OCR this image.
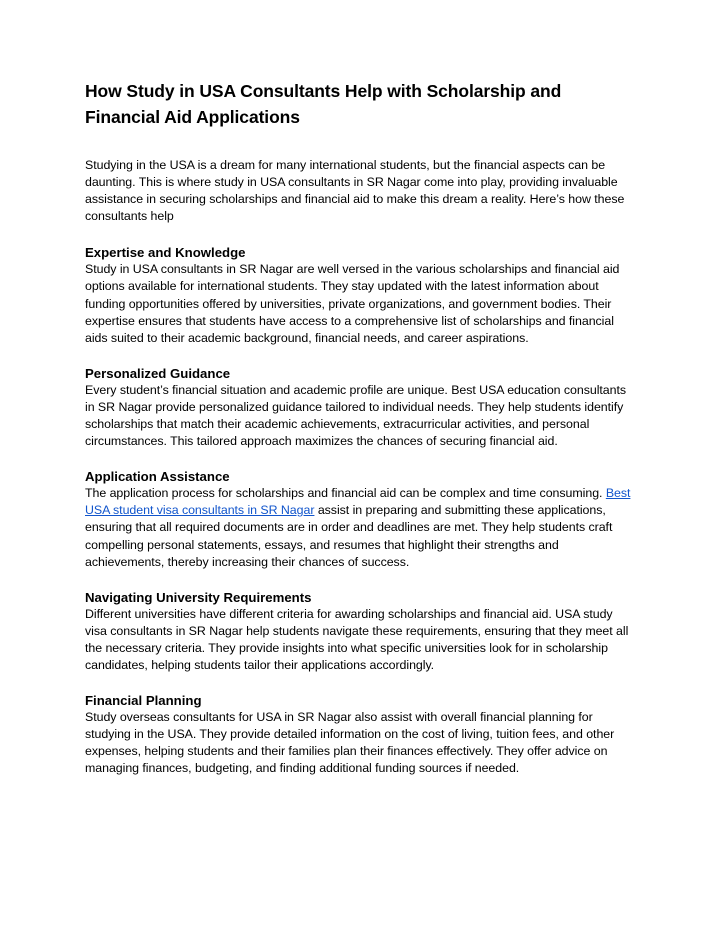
How Study in USA Consultants Help with Scholarship and Financial Aid Applications

Studying in the USA is a dream for many international students, but the financial aspects can be daunting. This is where study in USA consultants in SR Nagar come into play, providing invaluable assistance in securing scholarships and financial aid to make this dream a reality. Here’s how these consultants help

Expertise and Knowledge

Study in USA consultants in SR Nagar are well versed in the various scholarships and financial aid options available for international students. They stay updated with the latest information about funding opportunities offered by universities, private organizations, and government bodies. Their expertise ensures that students have access to a comprehensive list of scholarships and financial aids suited to their academic background, financial needs, and career aspirations.

Personalized Guidance

Every student’s financial situation and academic profile are unique. Best USA education consultants in SR Nagar provide personalized guidance tailored to individual needs. They help students identify scholarships that match their academic achievements, extracurricular activities, and personal circumstances. This tailored approach maximizes the chances of securing financial aid.

Application Assistance

The application process for scholarships and financial aid can be complex and time consuming. Best USA student visa consultants in SR Nagar assist in preparing and submitting these applications, ensuring that all required documents are in order and deadlines are met. They help students craft compelling personal statements, essays, and resumes that highlight their strengths and achievements, thereby increasing their chances of success.

Navigating University Requirements

Different universities have different criteria for awarding scholarships and financial aid. USA study visa consultants in SR Nagar help students navigate these requirements, ensuring that they meet all the necessary criteria. They provide insights into what specific universities look for in scholarship candidates, helping students tailor their applications accordingly.

Financial Planning

Study overseas consultants for USA in SR Nagar also assist with overall financial planning for studying in the USA. They provide detailed information on the cost of living, tuition fees, and other expenses, helping students and their families plan their finances effectively. They offer advice on managing finances, budgeting, and finding additional funding sources if needed.
